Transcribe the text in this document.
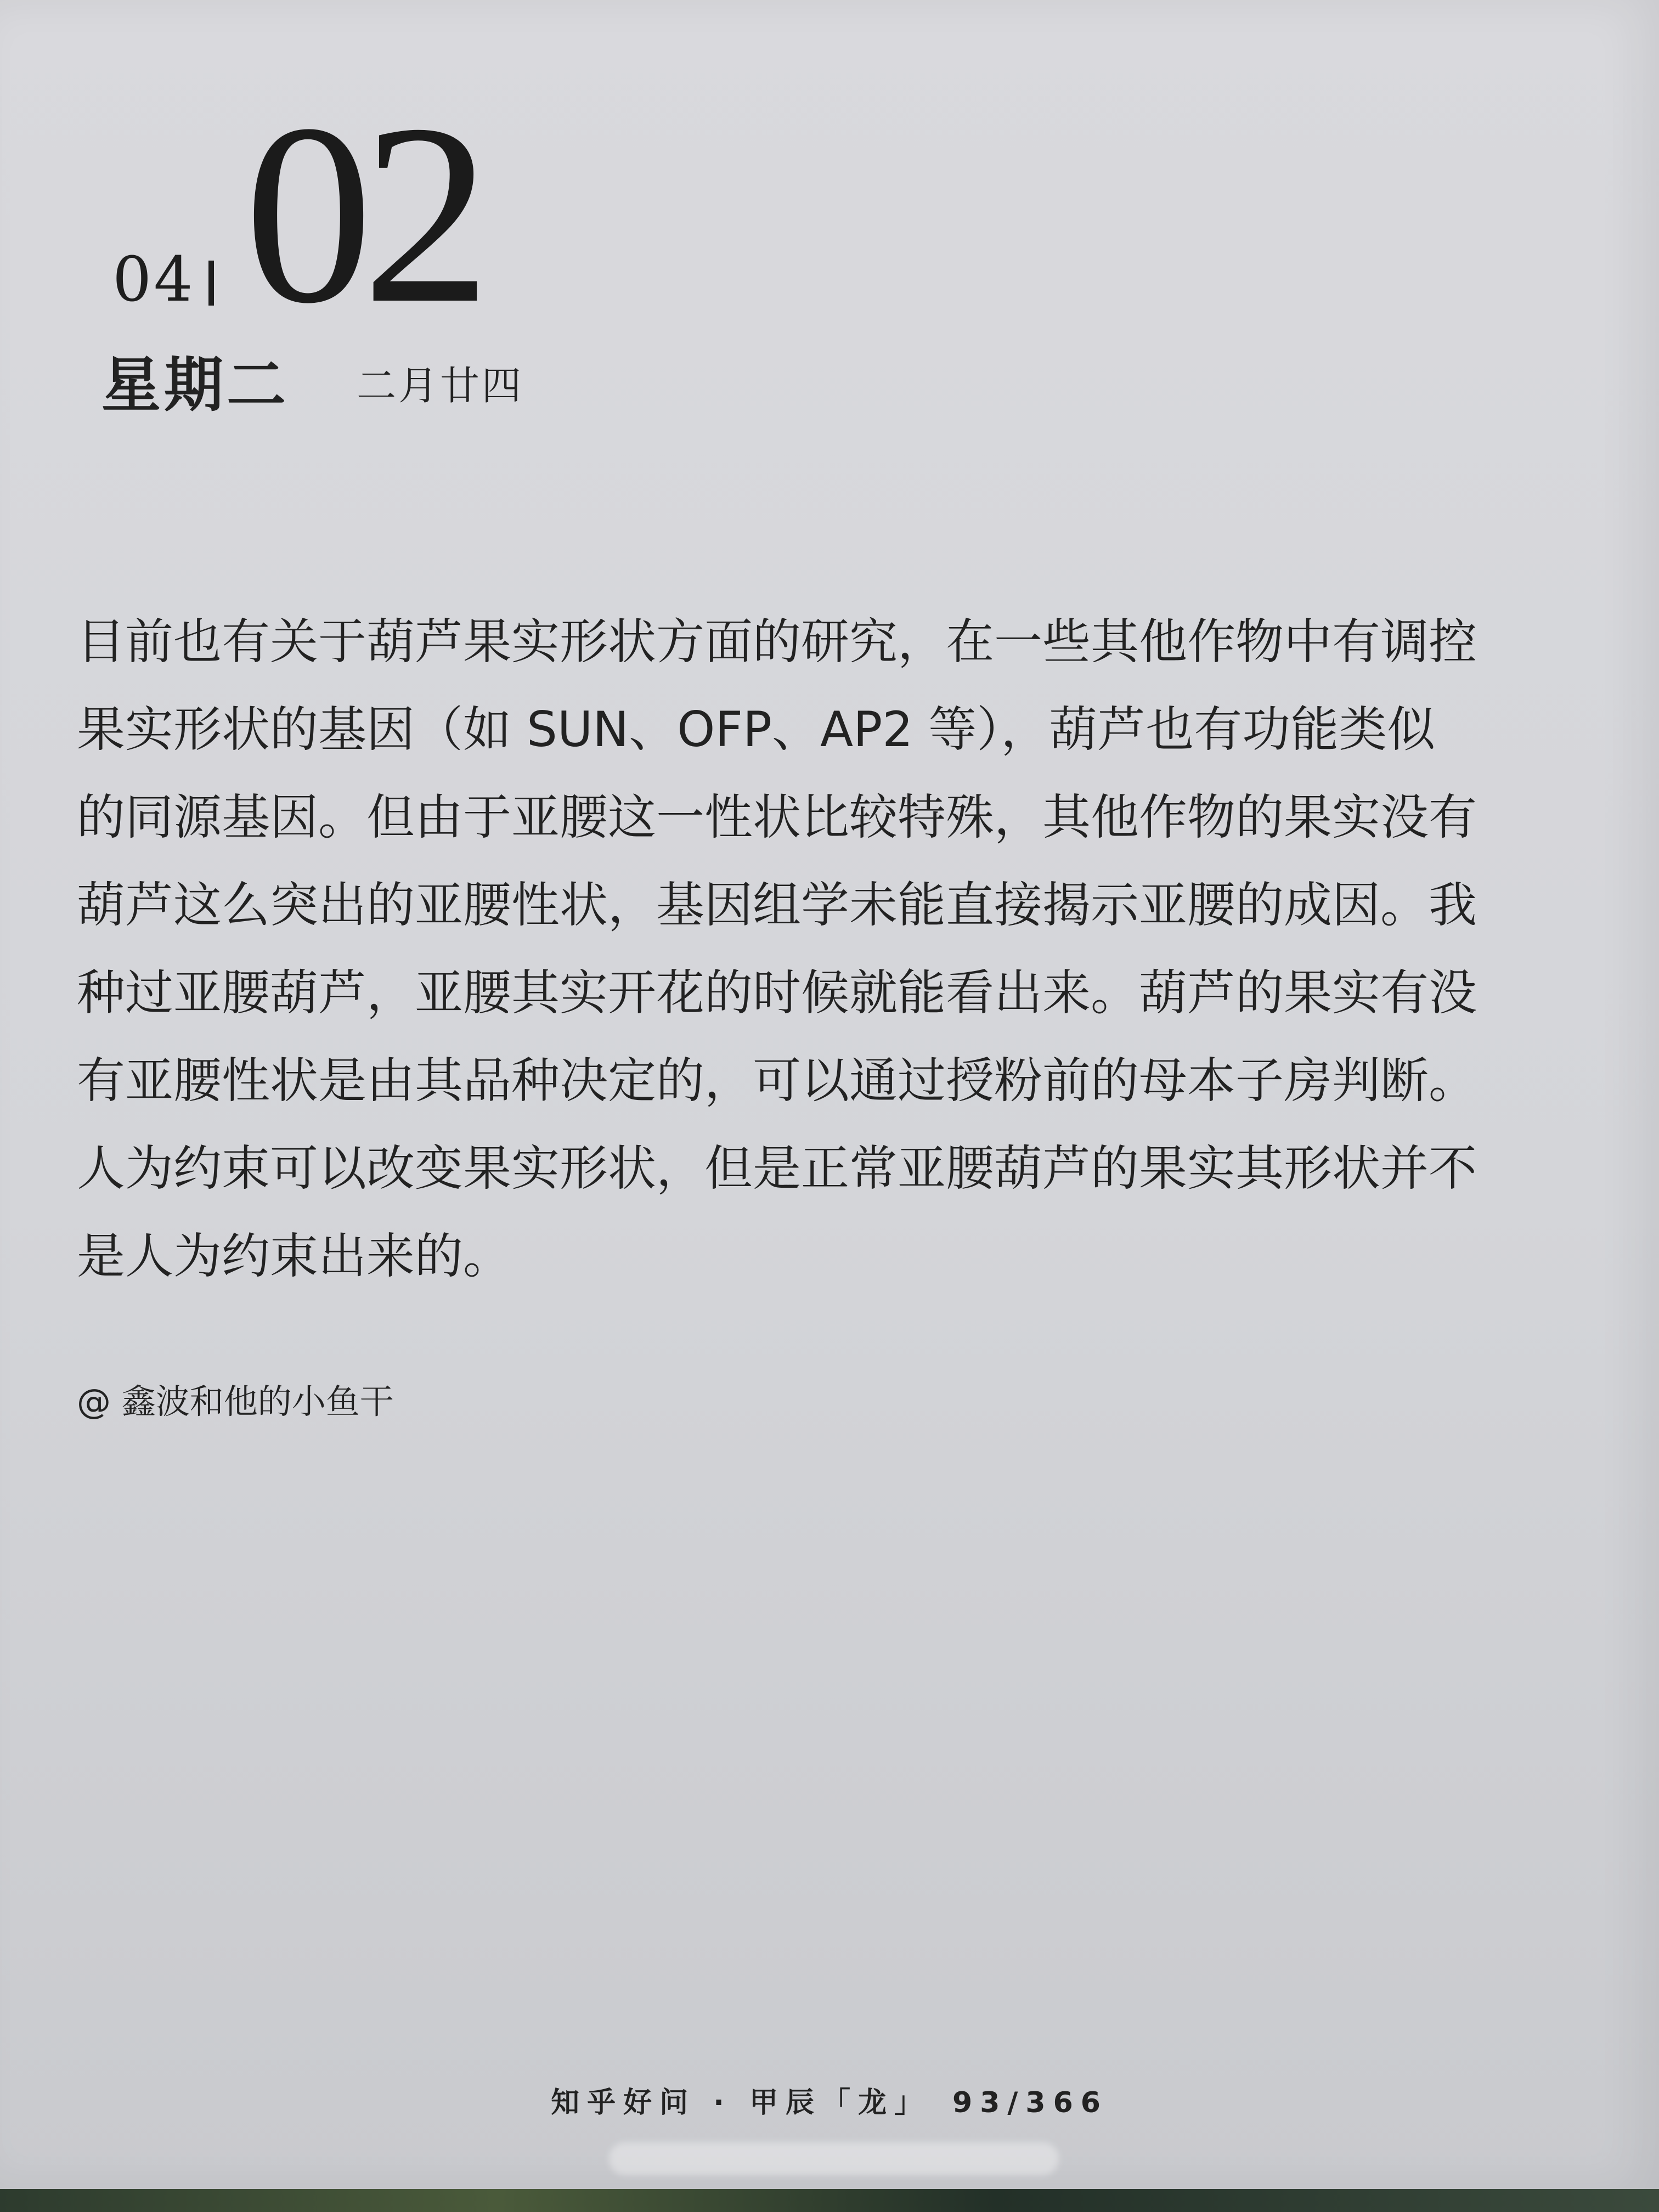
04 02
星期二 二月廿四

目前也有关于葫芦果实形状方面的研究，在一些其他作物中有调控

果实形状的基因（如 SUN、OFP、AP2 等），葫芦也有功能类似

的同源基因。但由于亚腰这一性状比较特殊，其他作物的果实没有

葫芦这么突出的亚腰性状，基因组学未能直接揭示亚腰的成因。我

种过亚腰葫芦，亚腰其实开花的时候就能看出来。葫芦的果实有没

有亚腰性状是由其品种决定的，可以通过授粉前的母本子房判断。

人为约束可以改变果实形状，但是正常亚腰葫芦的果实其形状并不

是人为约束出来的。

@ 鑫波和他的小鱼干
知乎好问 · 甲辰「龙」 93/366
